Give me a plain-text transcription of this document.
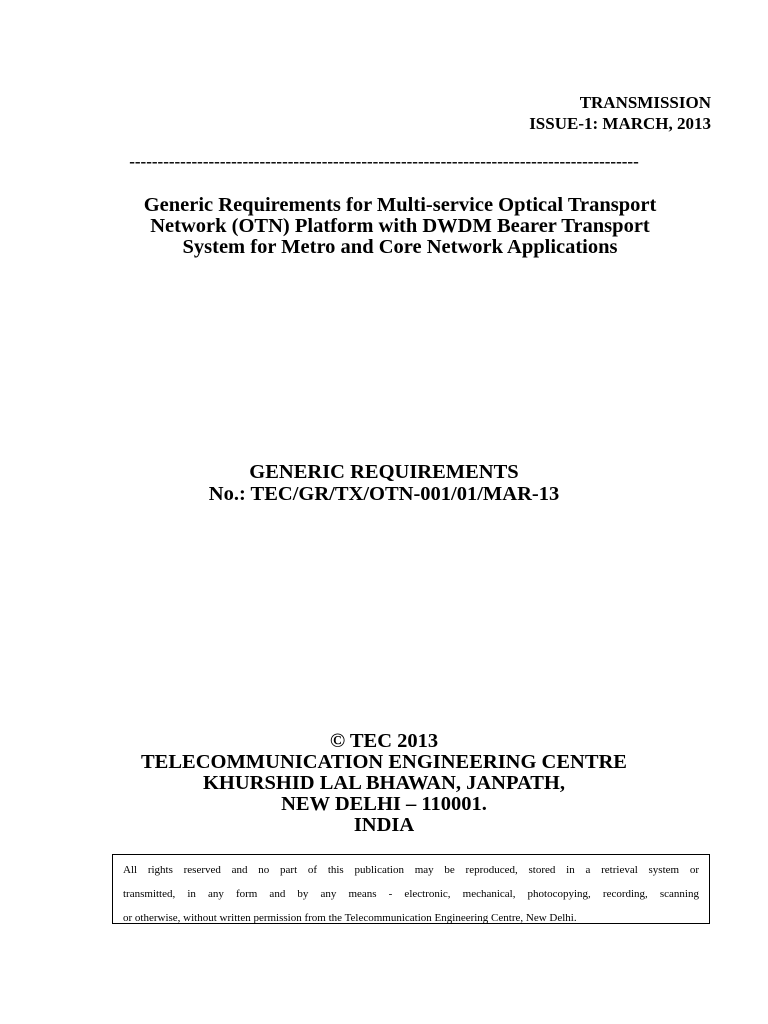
TRANSMISSION
ISSUE-1: MARCH, 2013
------------------------------------------------------------------------------------------
Generic Requirements for Multi-service Optical Transport
Network (OTN) Platform with DWDM Bearer Transport
System for Metro and Core Network Applications
GENERIC REQUIREMENTS
No.: TEC/GR/TX/OTN-001/01/MAR-13
© TEC 2013
TELECOMMUNICATION ENGINEERING CENTRE
KHURSHID LAL BHAWAN, JANPATH,
NEW DELHI – 110001.
INDIA
All rights reserved and no part of this publication may be reproduced, stored in a retrieval system or
transmitted, in any form and by any means - electronic, mechanical, photocopying, recording, scanning
or otherwise, without written permission from the Telecommunication Engineering Centre, New Delhi.
